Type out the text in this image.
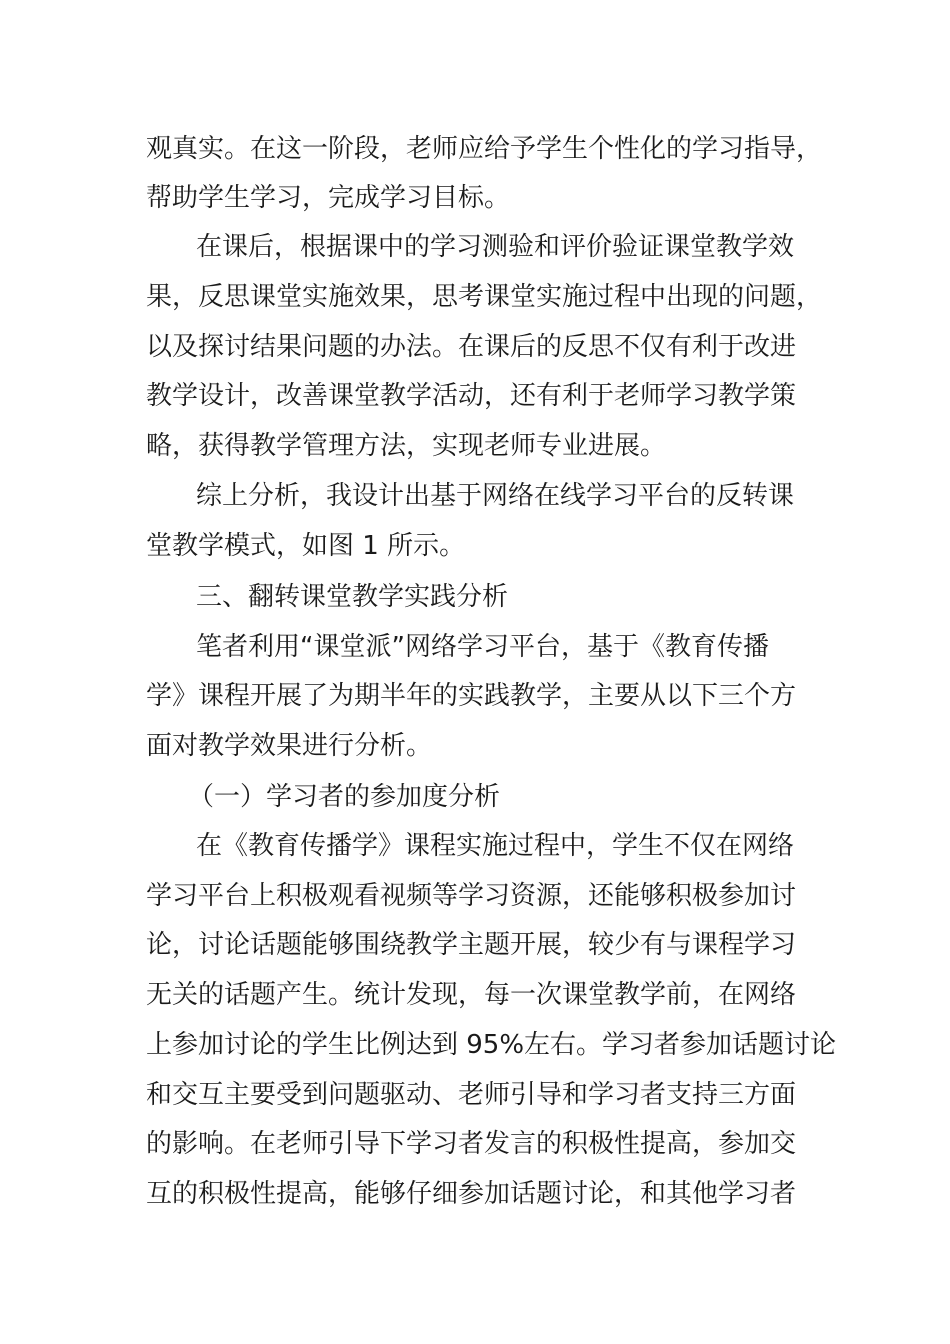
观真实。在这一阶段，老师应给予学生个性化的学习指导，
帮助学生学习，完成学习目标。
在课后，根据课中的学习测验和评价验证课堂教学效
果，反思课堂实施效果，思考课堂实施过程中出现的问题，
以及探讨结果问题的办法。在课后的反思不仅有利于改进
教学设计，改善课堂教学活动，还有利于老师学习教学策
略，获得教学管理方法，实现老师专业进展。
综上分析，我设计出基于网络在线学习平台的反转课
堂教学模式，如图 1 所示。
三、翻转课堂教学实践分析
笔者利用“课堂派”网络学习平台，基于《教育传播
学》课程开展了为期半年的实践教学，主要从以下三个方
面对教学效果进行分析。
（一）学习者的参加度分析
在《教育传播学》课程实施过程中，学生不仅在网络
学习平台上积极观看视频等学习资源，还能够积极参加讨
论，讨论话题能够围绕教学主题开展，较少有与课程学习
无关的话题产生。统计发现，每一次课堂教学前，在网络
上参加讨论的学生比例达到 95%左右。学习者参加话题讨论
和交互主要受到问题驱动、老师引导和学习者支持三方面
的影响。在老师引导下学习者发言的积极性提高，参加交
互的积极性提高，能够仔细参加话题讨论，和其他学习者
